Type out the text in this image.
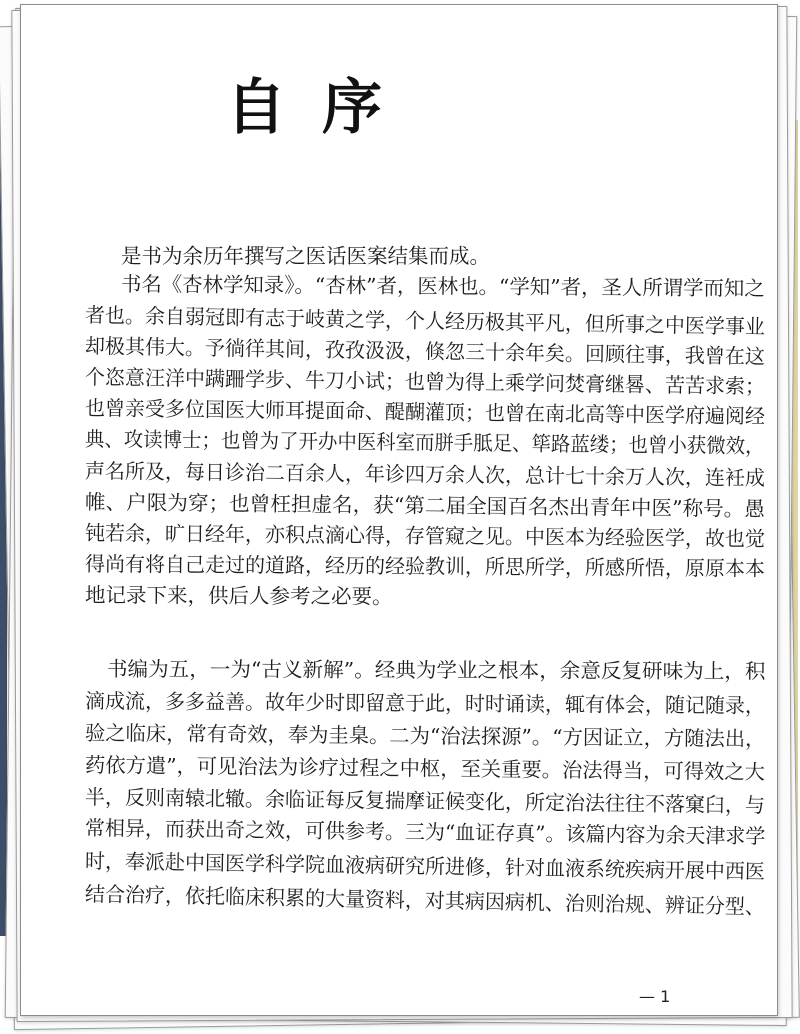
自序
是书为余历年撰写之医话医案结集而成。
书名《杏林学知录》。“杏林”者，医林也。“学知”者，圣人所谓学而知之
者也。余自弱冠即有志于岐黄之学，个人经历极其平凡，但所事之中医学事业
却极其伟大。予徜徉其间，孜孜汲汲，倏忽三十余年矣。回顾往事，我曾在这
个恣意汪洋中蹒跚学步、牛刀小试；也曾为得上乘学问焚膏继晷、苦苦求索；
也曾亲受多位国医大师耳提面命、醍醐灌顶；也曾在南北高等中医学府遍阅经
典、攻读博士；也曾为了开办中医科室而胼手胝足、筚路蓝缕；也曾小获微效，
声名所及，每日诊治二百余人，年诊四万余人次，总计七十余万人次，连衽成
帷、户限为穿；也曾枉担虚名，获“第二届全国百名杰出青年中医”称号。愚
钝若余，旷日经年，亦积点滴心得，存管窥之见。中医本为经验医学，故也觉
得尚有将自己走过的道路，经历的经验教训，所思所学，所感所悟，原原本本
地记录下来，供后人参考之必要。
书编为五，一为“古义新解”。经典为学业之根本，余意反复研味为上，积
滴成流，多多益善。故年少时即留意于此，时时诵读，辄有体会，随记随录，
验之临床，常有奇效，奉为圭臬。二为“治法探源”。“方因证立，方随法出，
药依方遣”，可见治法为诊疗过程之中枢，至关重要。治法得当，可得效之大
半，反则南辕北辙。余临证每反复揣摩证候变化，所定治法往往不落窠臼，与
常相异，而获出奇之效，可供参考。三为“血证存真”。该篇内容为余天津求学
时，奉派赴中国医学科学院血液病研究所进修，针对血液系统疾病开展中西医
结合治疗，依托临床积累的大量资料，对其病因病机、治则治规、辨证分型、
— 1
